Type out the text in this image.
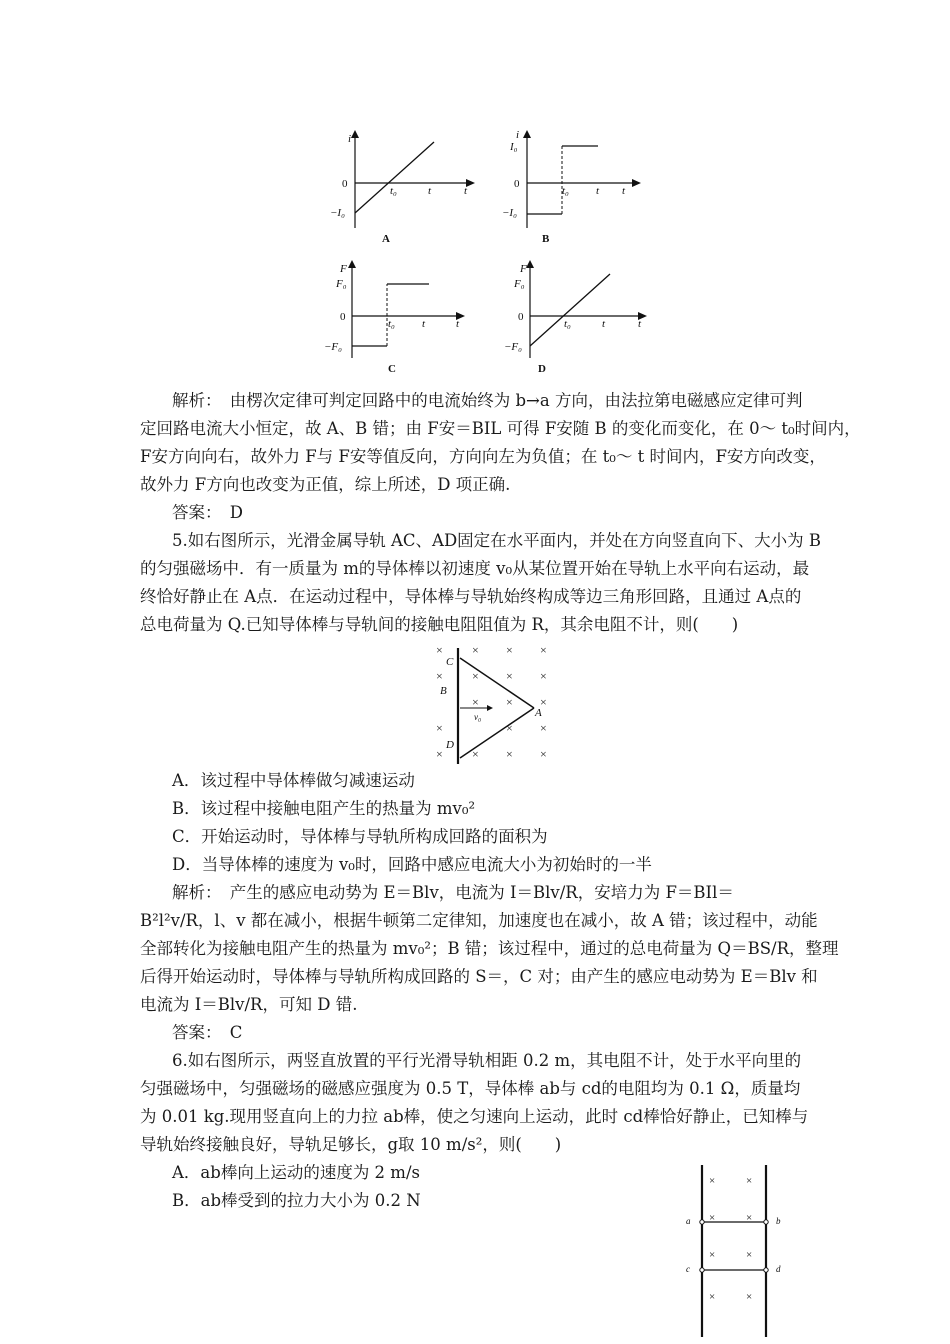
i
0
−I₀
t₀	t	t
A
i
I₀
0
−I₀
t₀ t t
B
F
F₀
0
−F₀
t₀ t	t
C
F
F₀
0
−F₀
t₀	t	t
D
解析：　由楞次定律可判定回路中的电流始终为 b→a 方向，由法拉第电磁感应定律可判
定回路电流大小恒定，故 A、B 错；由 F安＝BIL 可得 F安随 B 的变化而变化，在 0～ t₀时间内，
F安方向向右，故外力 F与 F安等值反向，方向向左为负值；在 t₀～ t 时间内，F安方向改变，
故外力 F方向也改变为正值，综上所述，D 项正确.
答案：　D
5.如右图所示，光滑金属导轨 AC、AD固定在水平面内，并处在方向竖直向下、大小为 B
的匀强磁场中．有一质量为 m的导体棒以初速度 v₀从某位置开始在导轨上水平向右运动，最
终恰好静止在 A点．在运动过程中，导体棒与导轨始终构成等边三角形回路，且通过 A点的
总电荷量为 Q.已知导体棒与导轨间的接触电阻阻值为 R，其余电阻不计，则(　　)
× × × ×
× × × ×
× × ×
×	× ×
× × × ×
C
B
D
A
v₀
A．该过程中导体棒做匀减速运动
B．该过程中接触电阻产生的热量为 mv₀²
C．开始运动时，导体棒与导轨所构成回路的面积为
D．当导体棒的速度为 v₀时，回路中感应电流大小为初始时的一半
解析：　产生的感应电动势为 E＝Blv，电流为 I＝Blv/R，安培力为 F＝BIl＝
B²l²v/R，l、v 都在减小，根据牛顿第二定律知，加速度也在减小，故 A 错；该过程中，动能
全部转化为接触电阻产生的热量为 mv₀²；B 错；该过程中，通过的总电荷量为 Q＝BS/R，整理
后得开始运动时，导体棒与导轨所构成回路的 S＝，C 对；由产生的感应电动势为 E＝Blv 和
电流为 I＝Blv/R，可知 D 错.
答案：　C
6.如右图所示，两竖直放置的平行光滑导轨相距 0.2 m，其电阻不计，处于水平向里的
匀强磁场中，匀强磁场的磁感应强度为 0.5 T，导体棒 ab与 cd的电阻均为 0.1 Ω，质量均
为 0.01 kg.现用竖直向上的力拉 ab棒，使之匀速向上运动，此时 cd棒恰好静止，已知棒与
导轨始终接触良好，导轨足够长，g取 10 m/s²，则(　　)
A．ab棒向上运动的速度为 2 m/s
B．ab棒受到的拉力大小为 0.2 N
×	×
×	×
×	×
×	×
a	b
c	d
